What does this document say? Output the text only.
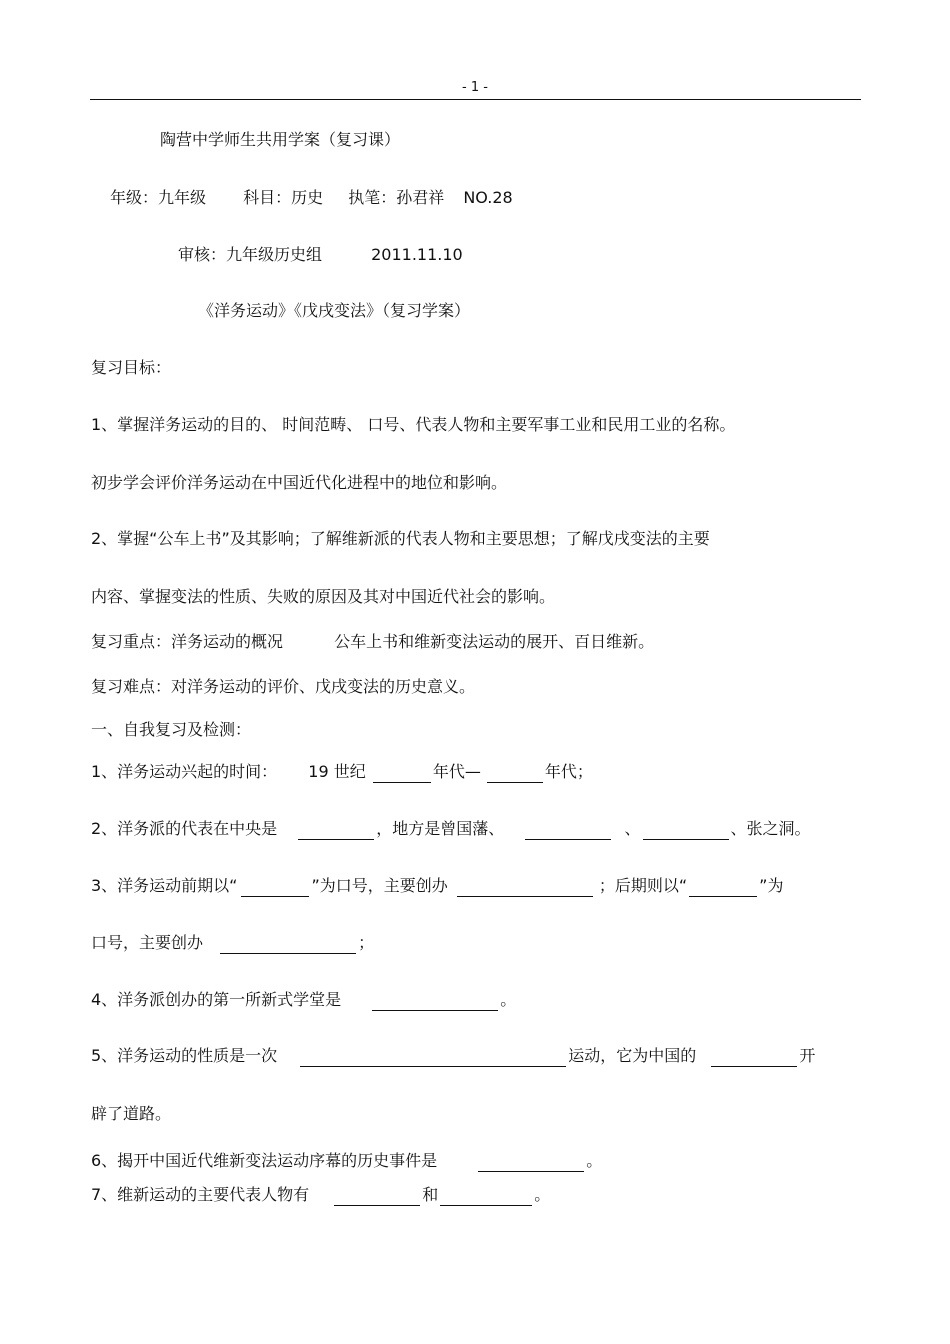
- 1 -
陶营中学师生共用学案（复习课）
年级：九年级 科目：历史 执笔：孙君祥 NO.28
审核：九年级历史组	2011.11.10
《洋务运动》《戊戌变法》（复习学案）
复习目标：
1、掌握洋务运动的目的、 时间范畴、 口号、代表人物和主要军事工业和民用工业的名称。
初步学会评价洋务运动在中国近代化进程中的地位和影响。
2、掌握“公车上书”及其影响；了解维新派的代表人物和主要思想；了解戊戌变法的主要
内容、掌握变法的性质、失败的原因及其对中国近代社会的影响。
复习重点：洋务运动的概况	公车上书和维新变法运动的展开、百日维新。
复习难点：对洋务运动的评价、戊戌变法的历史意义。
一、自我复习及检测：
1、洋务运动兴起的时间： 19 世纪	年代—	年代；
2、洋务派的代表在中央是	，地方是曾国藩、	、	、张之洞。
3、洋务运动前期以“	”为口号，主要创办	；后期则以“	”为
口号，主要创办	；
4、洋务派创办的第一所新式学堂是	。
5、洋务运动的性质是一次	运动，它为中国的	开
辟了道路。
6、揭开中国近代维新变法运动序幕的历史事件是	。
7、维新运动的主要代表人物有	和	。
